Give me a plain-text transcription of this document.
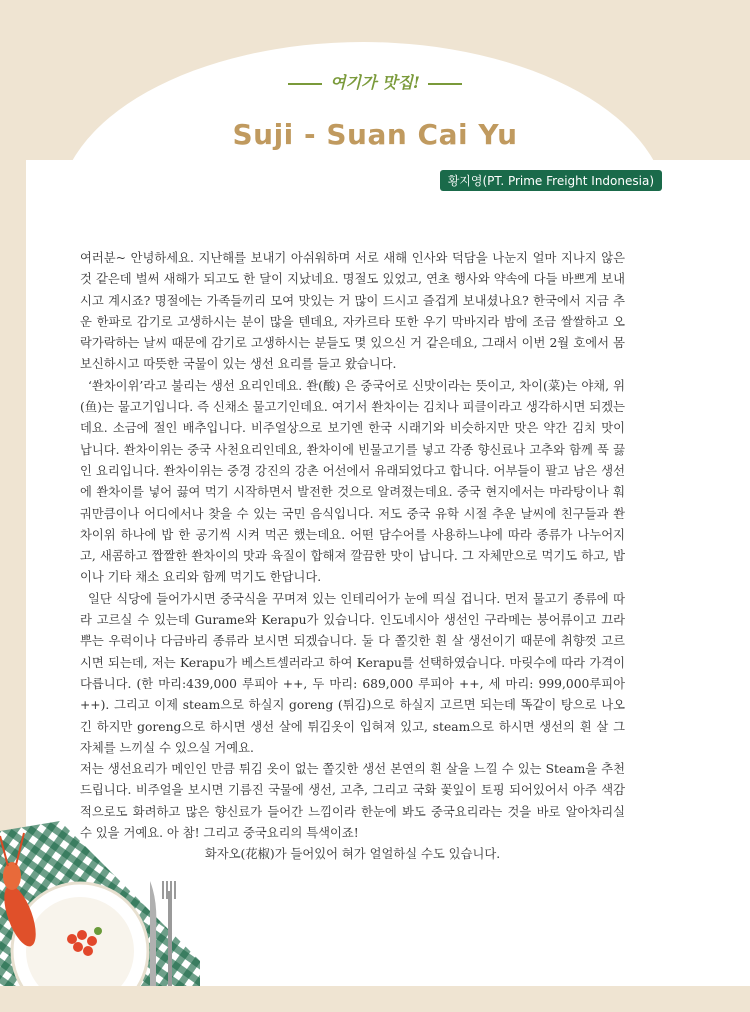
여기가 맛집!
Suji - Suan Cai Yu
황지영(PT. Prime Freight Indonesia)

여러분~ 안녕하세요. 지난해를 보내기 아쉬워하며 서로 새해 인사와 덕담을 나눈지 얼마 지나지 않은 것 같은데 벌써 새해가 되고도 한 달이 지났네요. 명절도 있었고, 연초 행사와 약속에 다들 바쁘게 보내시고 계시죠? 명절에는 가족들끼리 모여 맛있는 거 많이 드시고 즐겁게 보내셨나요? 한국에서 지금 추운 한파로 감기로 고생하시는 분이 많을 텐데요, 자카르타 또한 우기 막바지라 밤에 조금 쌀쌀하고 오락가락하는 날씨 때문에 감기로 고생하시는 분들도 몇 있으신 거 같은데요, 그래서 이번 2월 호에서 몸보신하시고 따뜻한 국물이 있는 생선 요리를 들고 왔습니다.

‘쏸차이위’라고 불리는 생선 요리인데요. 쏸(酸) 은 중국어로 신맛이라는 뜻이고, 차이(菜)는 야채, 위(鱼)는 물고기입니다. 즉 신채소 물고기인데요. 여기서 쏸차이는 김치나 피클이라고 생각하시면 되겠는데요. 소금에 절인 배추입니다. 비주얼상으로 보기엔 한국 시래기와 비슷하지만 맛은 약간 김치 맛이 납니다. 쏸차이위는 중국 사천요리인데요, 쏸차이에 빈물고기를 넣고 각종 향신료나 고추와 함께 푹 끓인 요리입니다. 쏸차이위는 중경 강진의 강촌 어선에서 유래되었다고 합니다. 어부들이 팔고 남은 생선에 쏸차이를 넣어 끓여 먹기 시작하면서 발전한 것으로 알려졌는데요. 중국 현지에서는 마라탕이나 훠궈만큼이나 어디에서나 찾을 수 있는 국민 음식입니다. 저도 중국 유학 시절 추운 날씨에 친구들과 쏸차이위 하나에 밥 한 공기씩 시켜 먹곤 했는데요. 어떤 담수어를 사용하느냐에 따라 종류가 나누어지고, 새콤하고 짭짤한 쏸차이의 맛과 육질이 합해져 깔끔한 맛이 납니다. 그 자체만으로 먹기도 하고, 밥이나 기타 채소 요리와 함께 먹기도 한답니다.

일단 식당에 들어가시면 중국식을 꾸며져 있는 인테리어가 눈에 띄실 겁니다. 먼저 물고기 종류에 따라 고르실 수 있는데 Gurame와 Kerapu가 있습니다. 인도네시아 생선인 구라메는 붕어류이고 끄라뿌는 우럭이나 다금바리 종류라 보시면 되겠습니다. 둘 다 쫄깃한 흰 살 생선이기 때문에 취향껏 고르시면 되는데, 저는 Kerapu가 베스트셀러라고 하여 Kerapu를 선택하였습니다. 마릿수에 따라 가격이 다릅니다. (한 마리:439,000 루피아 ++, 두 마리: 689,000 루피아 ++, 세 마리: 999,000루피아 ++). 그리고 이제 steam으로 하실지 goreng (튀김)으로 하실지 고르면 되는데 똑같이 탕으로 나오긴 하지만 goreng으로 하시면 생선 살에 튀김옷이 입혀져 있고, steam으로 하시면 생선의 흰 살 그 자체를 느끼실 수 있으실 거예요.

저는 생선요리가 메인인 만큼 튀김 옷이 없는 쫄깃한 생선 본연의 흰 살을 느낄 수 있는 Steam을 추천드립니다. 비주얼을 보시면 기름진 국물에 생선, 고추, 그리고 국화 꽃잎이 토핑 되어있어서 아주 색감적으로도 화려하고 많은 향신료가 들어간 느낌이라 한눈에 봐도 중국요리라는 것을 바로 알아차리실 수 있을 거예요. 아 참! 그리고 중국요리의 특색이죠!

화자오(花椒)가 들어있어 혀가 얼얼하실 수도 있습니다.
